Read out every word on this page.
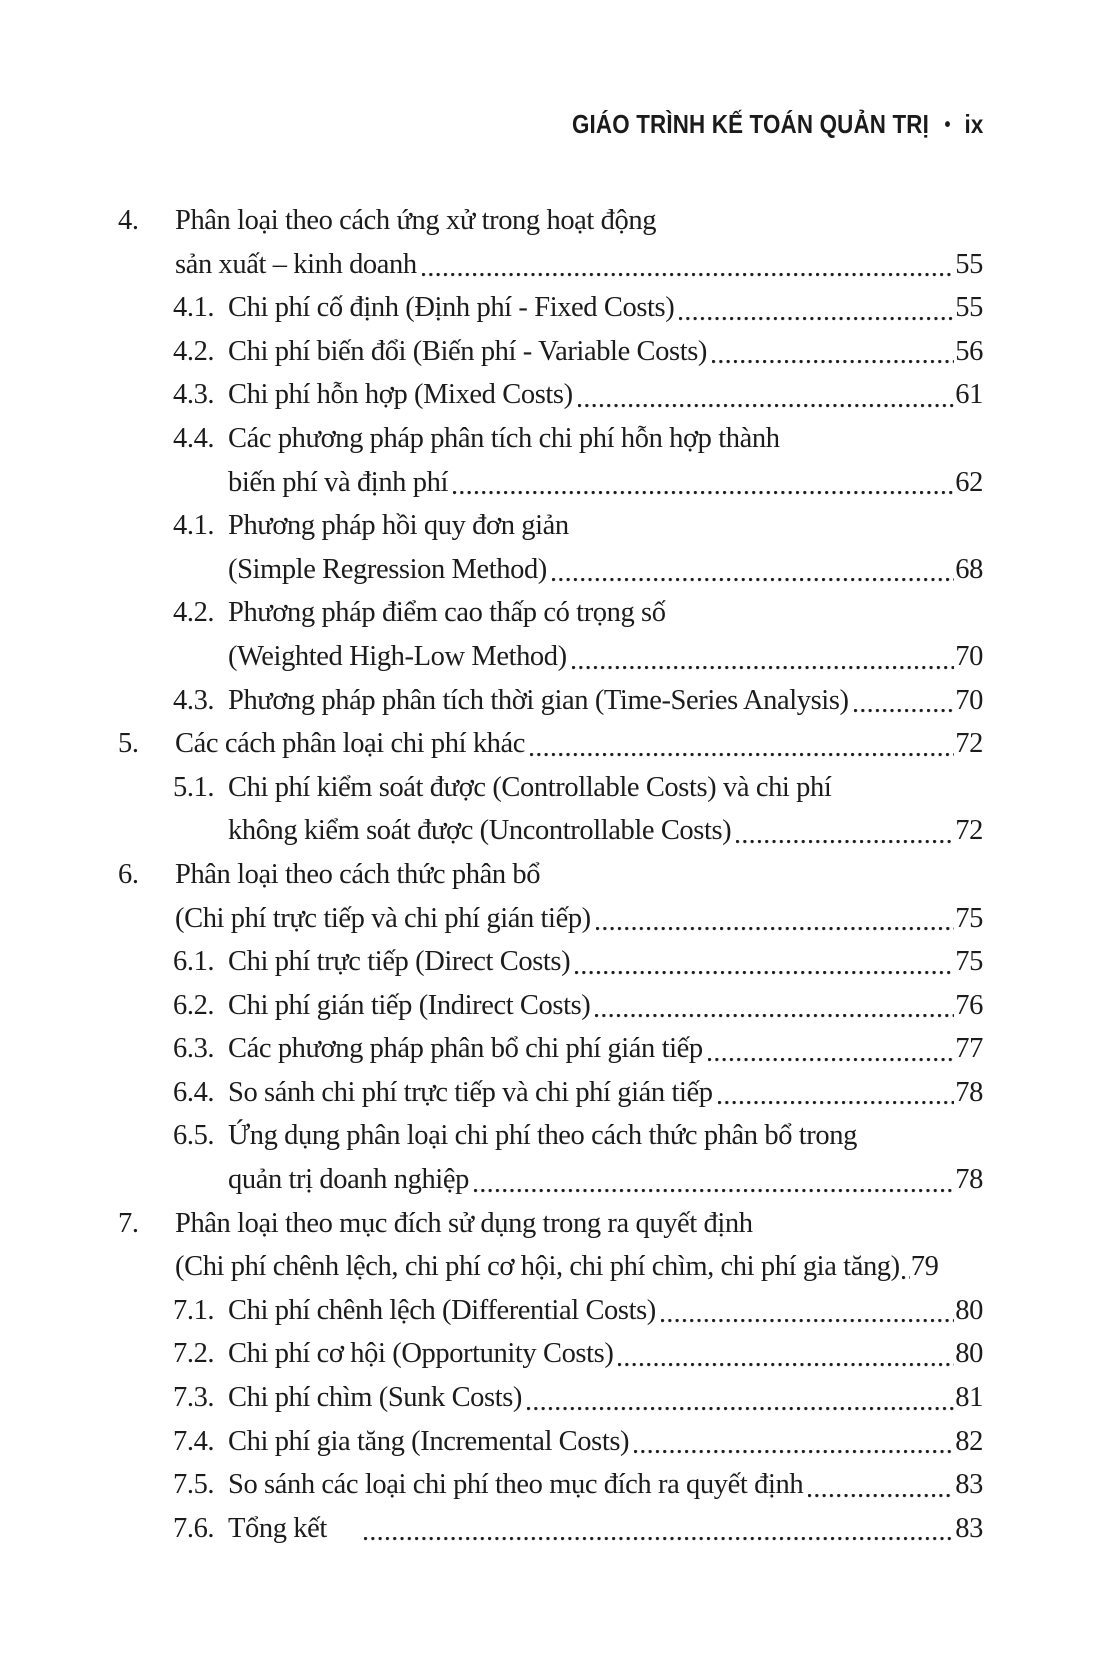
GIÁO TRÌNH KẾ TOÁN QUẢN TRỊ • ix
4.	Phân loại theo cách ứng xử trong hoạt động
sản xuất – kinh doanh	55
4.1. Chi phí cố định (Định phí - Fixed Costs)	55
4.2. Chi phí biến đổi (Biến phí - Variable Costs)	56
4.3. Chi phí hỗn hợp (Mixed Costs)	61
4.4. Các phương pháp phân tích chi phí hỗn hợp thành
biến phí và định phí	62
4.1. Phương pháp hồi quy đơn giản
(Simple Regression Method)	68
4.2. Phương pháp điểm cao thấp có trọng số
(Weighted High-Low Method)	70
4.3. Phương pháp phân tích thời gian (Time-Series Analysis)	70
5.	Các cách phân loại chi phí khác	72
5.1. Chi phí kiểm soát được (Controllable Costs) và chi phí
không kiểm soát được (Uncontrollable Costs)	72
6.	Phân loại theo cách thức phân bổ
(Chi phí trực tiếp và chi phí gián tiếp)	75
6.1. Chi phí trực tiếp (Direct Costs)	75
6.2. Chi phí gián tiếp (Indirect Costs)	76
6.3. Các phương pháp phân bổ chi phí gián tiếp	77
6.4. So sánh chi phí trực tiếp và chi phí gián tiếp	78
6.5. Ứng dụng phân loại chi phí theo cách thức phân bổ trong
quản trị doanh nghiệp	78
7.	Phân loại theo mục đích sử dụng trong ra quyết định
(Chi phí chênh lệch, chi phí cơ hội, chi phí chìm, chi phí gia tăng) 79
7.1. Chi phí chênh lệch (Differential Costs)	80
7.2. Chi phí cơ hội (Opportunity Costs)	80
7.3. Chi phí chìm (Sunk Costs)	81
7.4. Chi phí gia tăng (Incremental Costs)	82
7.5. So sánh các loại chi phí theo mục đích ra quyết định	83
7.6. Tổng kết	83
